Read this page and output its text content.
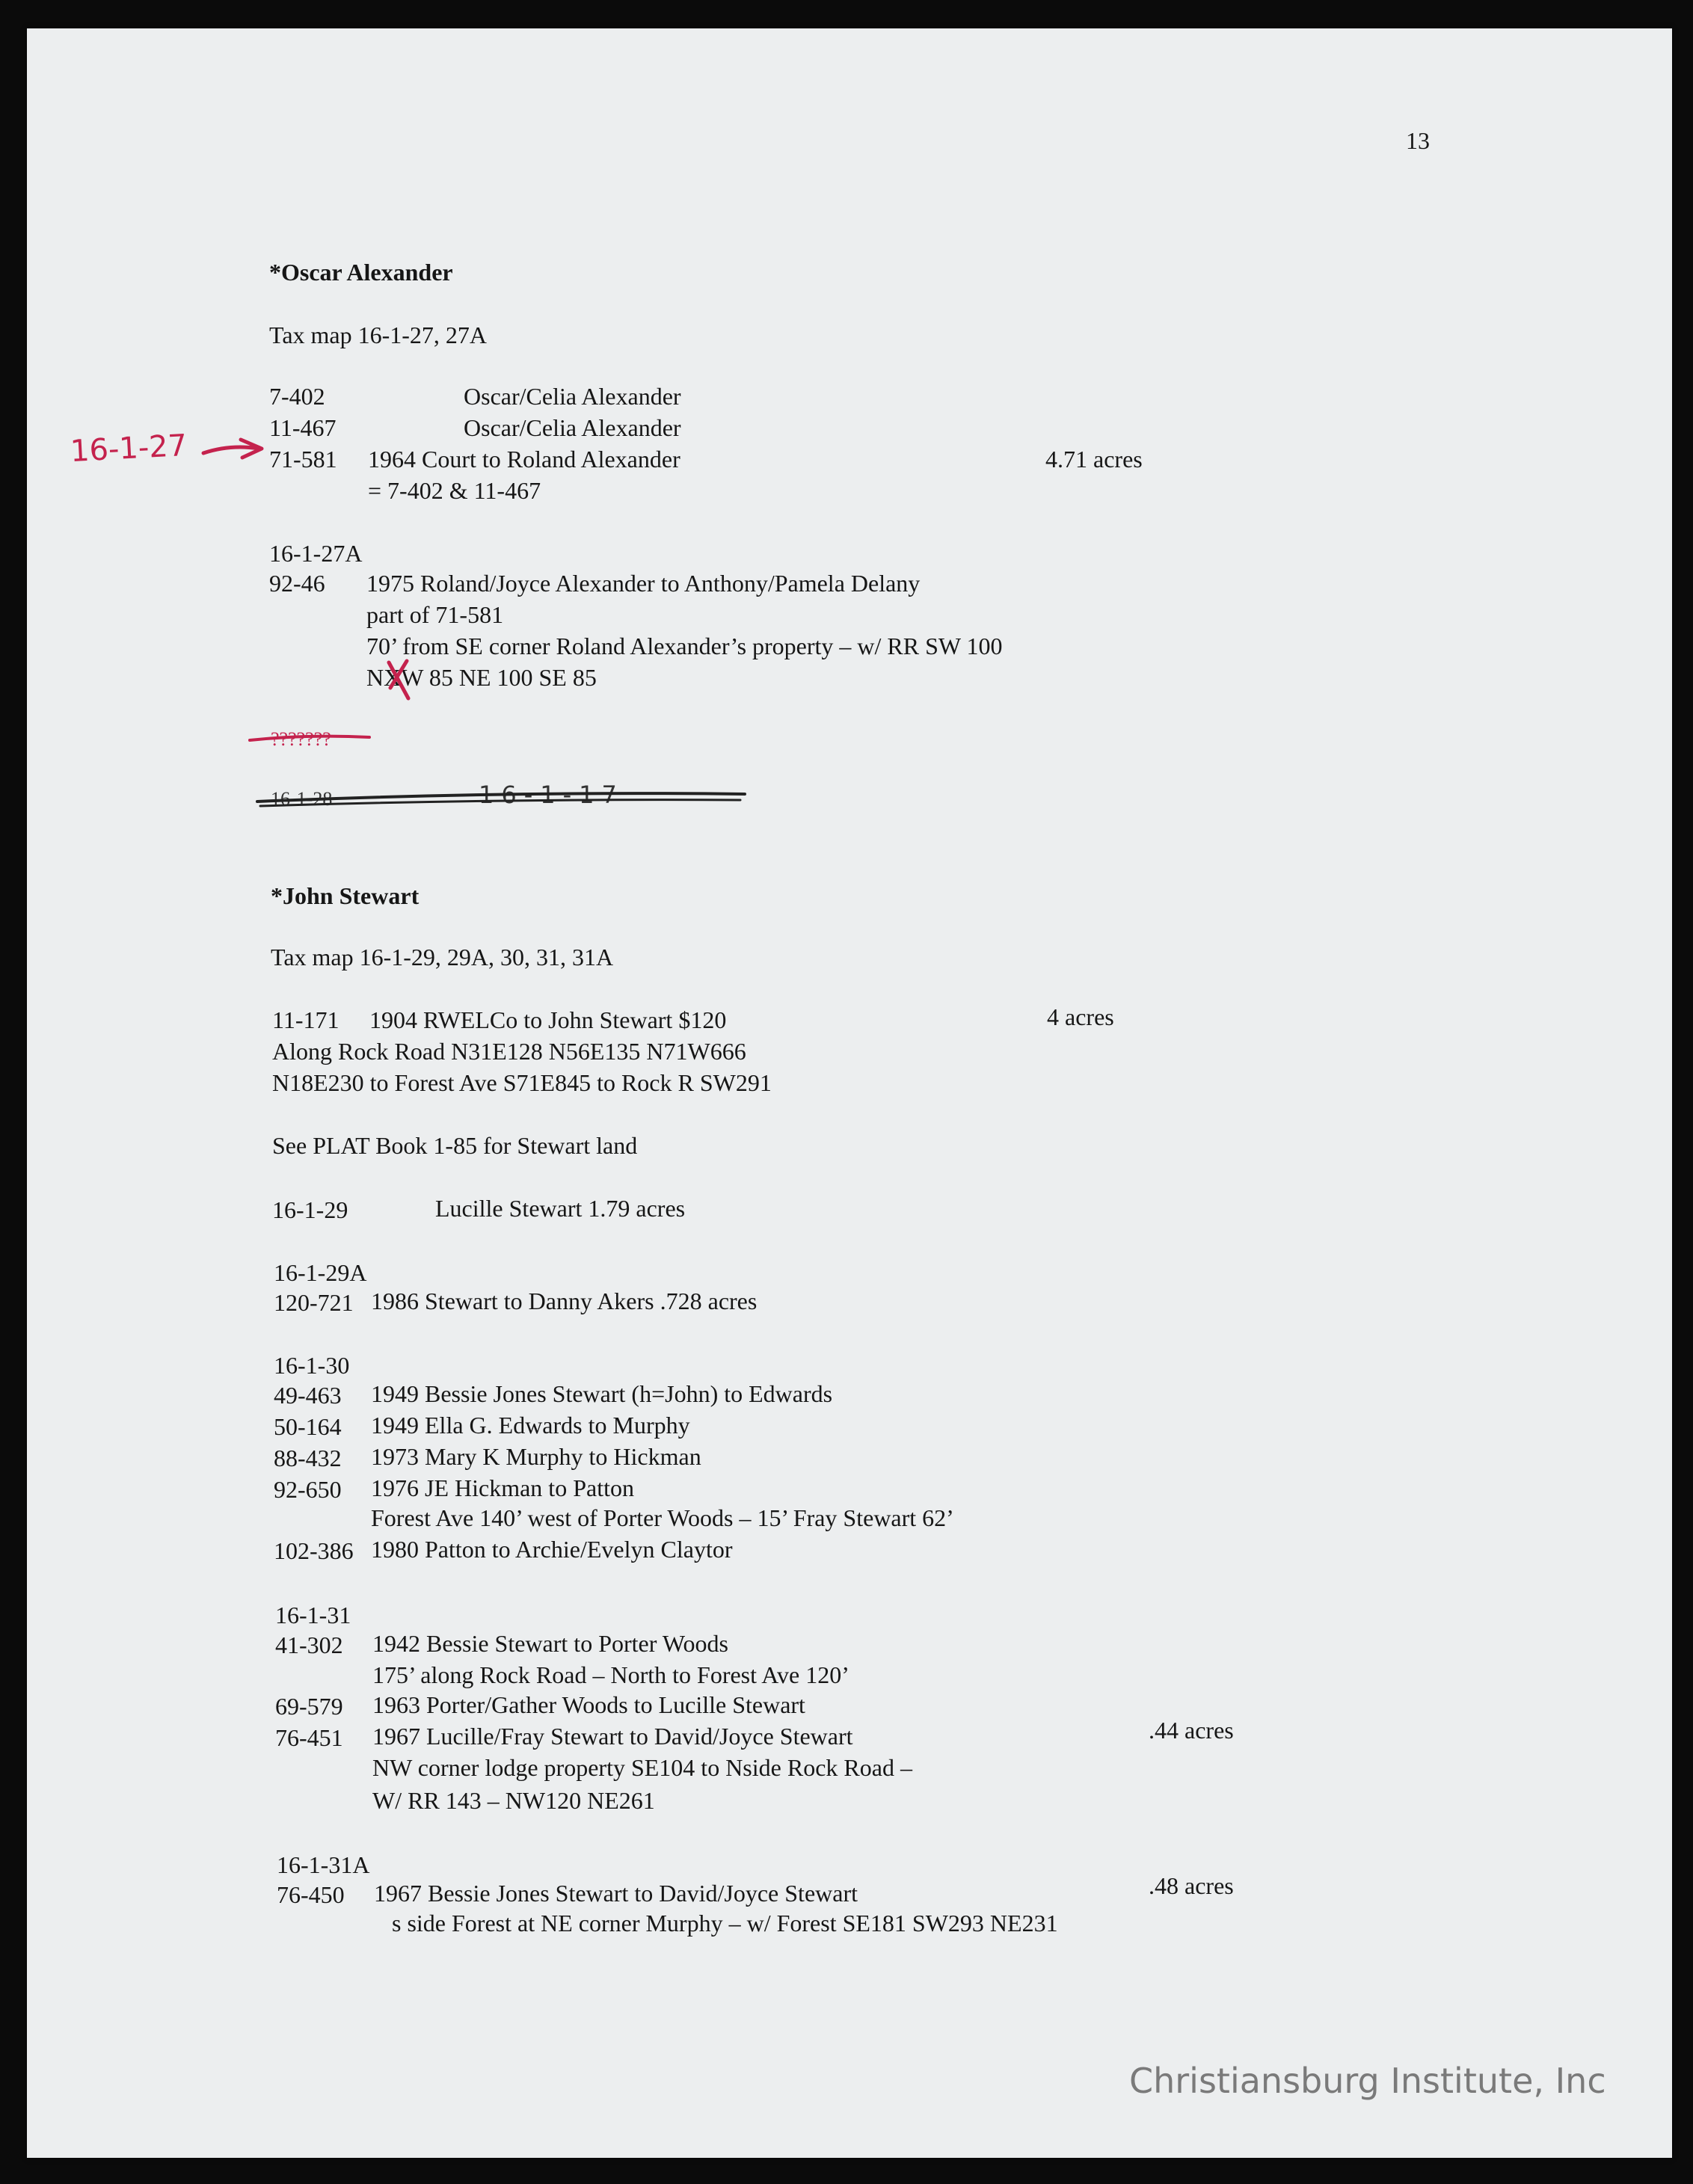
13
*Oscar Alexander
Tax map 16-1-27, 27A
7-402	Oscar/Celia Alexander
11-467	Oscar/Celia Alexander
71-581 1964 Court to Roland Alexander	4.71 acres
= 7-402 & 11-467
16-1-27
16-1-27A
92-46 1975 Roland/Joyce Alexander to Anthony/Pamela Delany
part of 71-581
70’ from SE corner Roland Alexander’s property – w/ RR SW 100
NXW 85 NE 100 SE 85
???????
16-1-28	16-1-17
*John Stewart
Tax map 16-1-29, 29A, 30, 31, 31A
11-171 1904 RWELCo to John Stewart $120	4 acres
Along Rock Road N31E128 N56E135 N71W666
N18E230 to Forest Ave S71E845 to Rock R SW291
See PLAT Book 1-85 for Stewart land
16-1-29	Lucille Stewart 1.79 acres
16-1-29A
120-721 1986 Stewart to Danny Akers .728 acres
16-1-30
49-463 1949 Bessie Jones Stewart (h=John) to Edwards
50-164 1949 Ella G. Edwards to Murphy
88-432 1973 Mary K Murphy to Hickman
92-650 1976 JE Hickman to Patton
Forest Ave 140’ west of Porter Woods – 15’ Fray Stewart 62’
102-386 1980 Patton to Archie/Evelyn Claytor
16-1-31
41-302 1942 Bessie Stewart to Porter Woods
175’ along Rock Road – North to Forest Ave 120’
69-579 1963 Porter/Gather Woods to Lucille Stewart
76-451 1967 Lucille/Fray Stewart to David/Joyce Stewart	.44 acres
NW corner lodge property SE104 to Nside Rock Road –
W/ RR 143 – NW120 NE261
16-1-31A
76-450 1967 Bessie Jones Stewart to David/Joyce Stewart	.48 acres
s side Forest at NE corner Murphy – w/ Forest SE181 SW293 NE231
Christiansburg Institute, Inc
